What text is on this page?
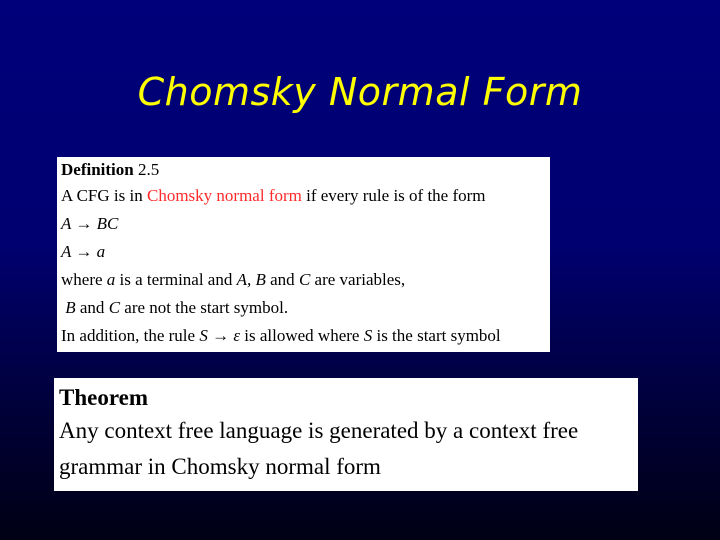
Chomsky Normal Form
Definition 2.5
A CFG is in Chomsky normal form if every rule is of the form
A → BC
A → a
where a is a terminal and A, B and C are variables,
B and C are not the start symbol.
In addition, the rule S → ε is allowed where S is the start symbol
Theorem
Any context free language is generated by a context free
grammar in Chomsky normal form
